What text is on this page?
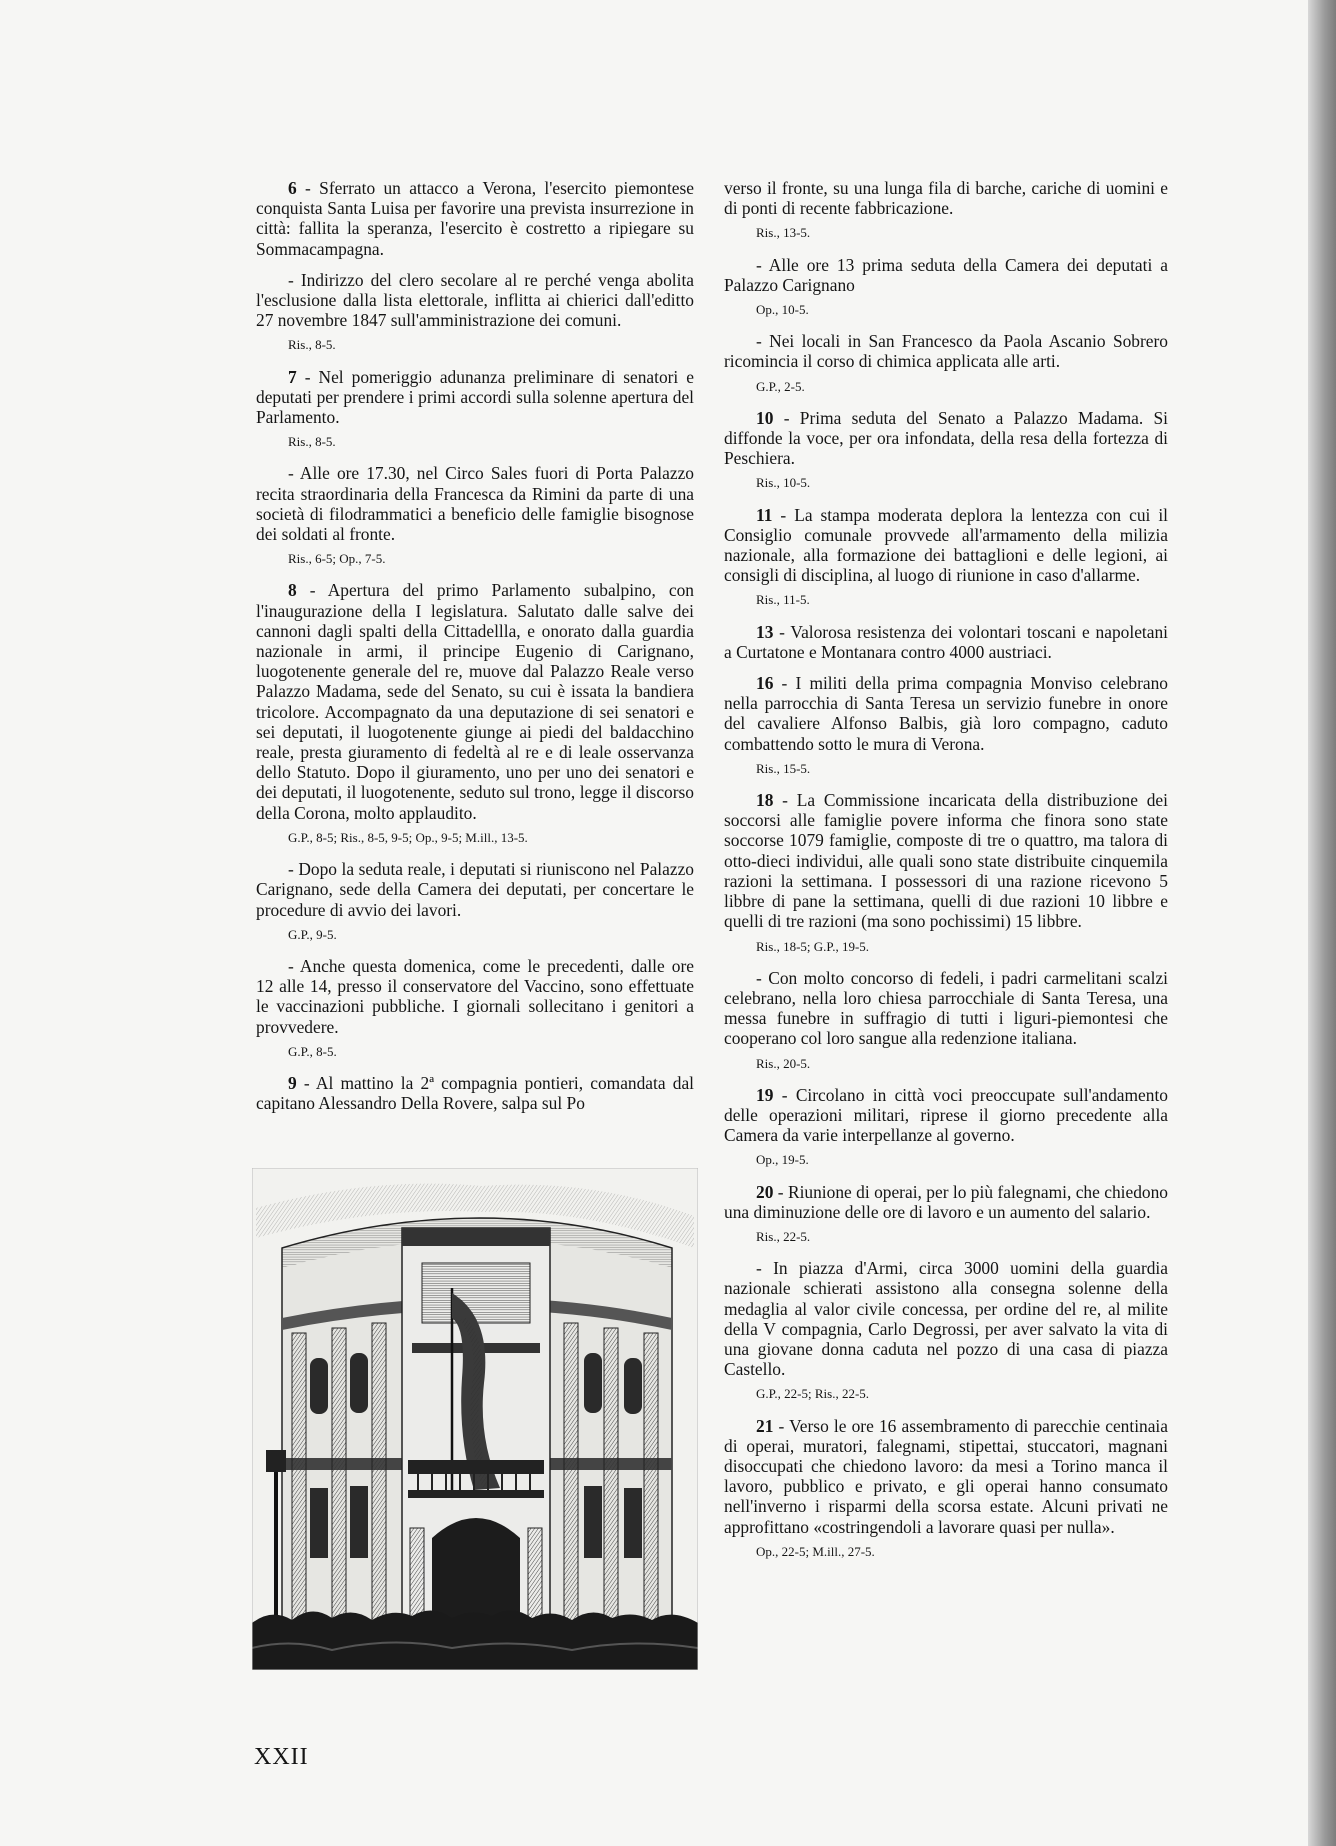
6 - Sferrato un attacco a Verona, l'esercito piemontese conquista Santa Luisa per favorire una prevista insurrezione in città: fallita la speranza, l'esercito è costretto a ripiegare su Sommacampagna.

- Indirizzo del clero secolare al re perché venga abolita l'esclusione dalla lista elettorale, inflitta ai chierici dall'editto 27 novembre 1847 sull'amministrazione dei comuni.

Ris., 8-5.

7 - Nel pomeriggio adunanza preliminare di senatori e deputati per prendere i primi accordi sulla solenne apertura del Parlamento.

Ris., 8-5.

- Alle ore 17.30, nel Circo Sales fuori di Porta Palazzo recita straordinaria della Francesca da Rimini da parte di una società di filodrammatici a beneficio delle famiglie bisognose dei soldati al fronte.

Ris., 6-5; Op., 7-5.

8 - Apertura del primo Parlamento subalpino, con l'inaugurazione della I legislatura. Salutato dalle salve dei cannoni dagli spalti della Cittadellla, e onorato dalla guardia nazionale in armi, il principe Eugenio di Carignano, luogotenente generale del re, muove dal Palazzo Reale verso Palazzo Madama, sede del Senato, su cui è issata la bandiera tricolore. Accompagnato da una deputazione di sei senatori e sei deputati, il luogotenente giunge ai piedi del baldacchino reale, presta giuramento di fedeltà al re e di leale osservanza dello Statuto. Dopo il giuramento, uno per uno dei senatori e dei deputati, il luogotenente, seduto sul trono, legge il discorso della Corona, molto applaudito.

G.P., 8-5; Ris., 8-5, 9-5; Op., 9-5; M.ill., 13-5.

- Dopo la seduta reale, i deputati si riuniscono nel Palazzo Carignano, sede della Camera dei deputati, per concertare le procedure di avvio dei lavori.

G.P., 9-5.

- Anche questa domenica, come le precedenti, dalle ore 12 alle 14, presso il conservatore del Vaccino, sono effettuate le vaccinazioni pubbliche. I giornali sollecitano i genitori a provvedere.

G.P., 8-5.

9 - Al mattino la 2ª compagnia pontieri, comandata dal capitano Alessandro Della Rovere, salpa sul Po

verso il fronte, su una lunga fila di barche, cariche di uomini e di ponti di recente fabbricazione.

Ris., 13-5.

- Alle ore 13 prima seduta della Camera dei deputati a Palazzo Carignano

Op., 10-5.

- Nei locali in San Francesco da Paola Ascanio Sobrero ricomincia il corso di chimica applicata alle arti.

G.P., 2-5.

10 - Prima seduta del Senato a Palazzo Madama. Si diffonde la voce, per ora infondata, della resa della fortezza di Peschiera.

Ris., 10-5.

11 - La stampa moderata deplora la lentezza con cui il Consiglio comunale provvede all'armamento della milizia nazionale, alla formazione dei battaglioni e delle legioni, ai consigli di disciplina, al luogo di riunione in caso d'allarme.

Ris., 11-5.

13 - Valorosa resistenza dei volontari toscani e napoletani a Curtatone e Montanara contro 4000 austriaci.

16 - I militi della prima compagnia Monviso celebrano nella parrocchia di Santa Teresa un servizio funebre in onore del cavaliere Alfonso Balbis, già loro compagno, caduto combattendo sotto le mura di Verona.

Ris., 15-5.

18 - La Commissione incaricata della distribuzione dei soccorsi alle famiglie povere informa che finora sono state soccorse 1079 famiglie, composte di tre o quattro, ma talora di otto-dieci individui, alle quali sono state distribuite cinquemila razioni la settimana. I possessori di una razione ricevono 5 libbre di pane la settimana, quelli di due razioni 10 libbre e quelli di tre razioni (ma sono pochissimi) 15 libbre.

Ris., 18-5; G.P., 19-5.

- Con molto concorso di fedeli, i padri carmelitani scalzi celebrano, nella loro chiesa parrocchiale di Santa Teresa, una messa funebre in suffragio di tutti i liguri-piemontesi che cooperano col loro sangue alla redenzione italiana.

Ris., 20-5.

19 - Circolano in città voci preoccupate sull'andamento delle operazioni militari, riprese il giorno precedente alla Camera da varie interpellanze al governo.

Op., 19-5.

20 - Riunione di operai, per lo più falegnami, che chiedono una diminuzione delle ore di lavoro e un aumento del salario.

Ris., 22-5.

- In piazza d'Armi, circa 3000 uomini della guardia nazionale schierati assistono alla consegna solenne della medaglia al valor civile concessa, per ordine del re, al milite della V compagnia, Carlo Degrossi, per aver salvato la vita di una giovane donna caduta nel pozzo di una casa di piazza Castello.

G.P., 22-5; Ris., 22-5.

21 - Verso le ore 16 assembramento di parecchie centinaia di operai, muratori, falegnami, stipettai, stuccatori, magnani disoccupati che chiedono lavoro: da mesi a Torino manca il lavoro, pubblico e privato, e gli operai hanno consumato nell'inverno i risparmi della scorsa estate. Alcuni privati ne approfittano «costringendoli a lavorare quasi per nulla».

Op., 22-5; M.ill., 27-5.
XXII
